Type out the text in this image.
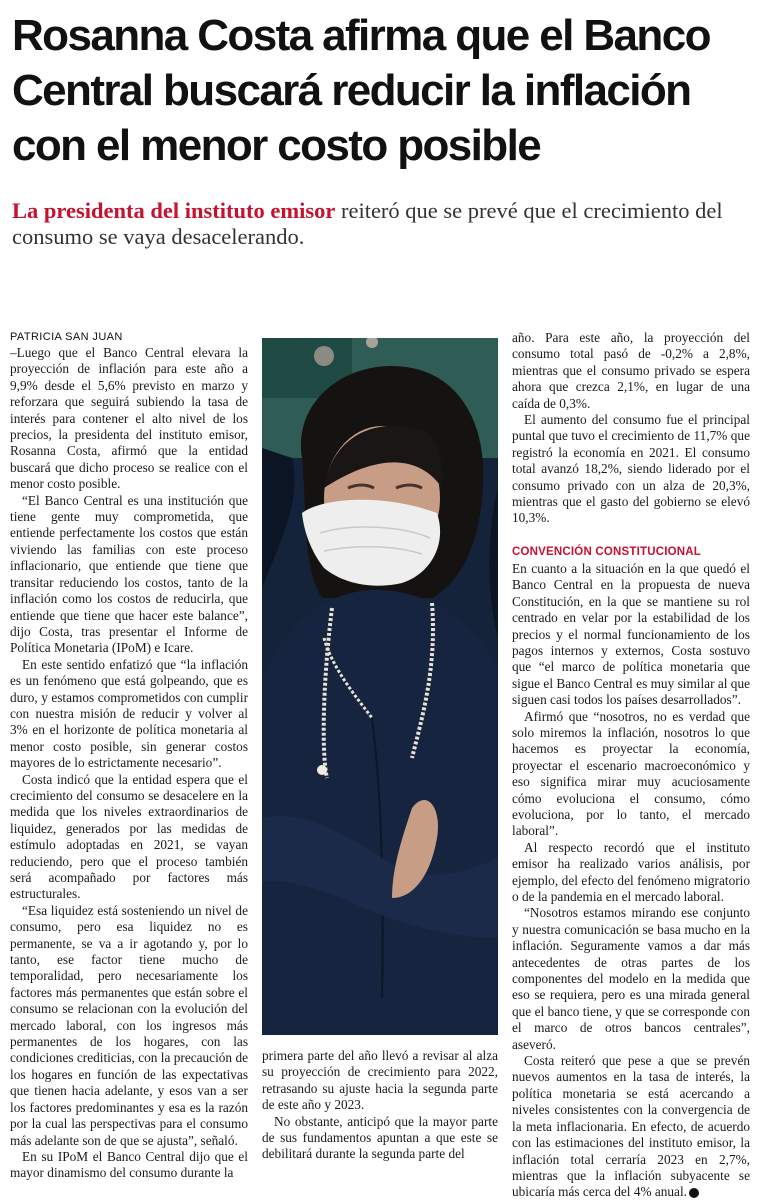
Rosanna Costa afirma que el Banco Central buscará reducir la inflación con el menor costo posible

La presidenta del instituto emisor reiteró que se prevé que el crecimiento del consumo se vaya desacelerando.

PATRICIA SAN JUAN

–Luego que el Banco Central elevara la proyección de inflación para este año a 9,9% desde el 5,6% previsto en marzo y reforzara que seguirá subiendo la tasa de interés para contener el alto nivel de los precios, la presidenta del instituto emisor, Rosanna Costa, afirmó que la entidad buscará que dicho proceso se realice con el menor costo posible.

“El Banco Central es una institución que tiene gente muy comprometida, que entiende perfectamente los costos que están viviendo las familias con este proceso inflacionario, que entiende que tiene que transitar reduciendo los costos, tanto de la inflación como los costos de reducirla, que entiende que tiene que hacer este balance”, dijo Costa, tras presentar el Informe de Política Monetaria (IPoM) e Icare.

En este sentido enfatizó que “la inflación es un fenómeno que está golpeando, que es duro, y estamos comprometidos con cumplir con nuestra misión de reducir y volver al 3% en el horizonte de política monetaria al menor costo posible, sin generar costos mayores de lo estrictamente necesario”.

Costa indicó que la entidad espera que el crecimiento del consumo se desacelere en la medida que los niveles extraordinarios de liquidez, generados por las medidas de estímulo adoptadas en 2021, se vayan reduciendo, pero que el proceso también será acompañado por factores más estructurales.

“Esa liquidez está sosteniendo un nivel de consumo, pero esa liquidez no es permanente, se va a ir agotando y, por lo tanto, ese factor tiene mucho de temporalidad, pero necesariamente los factores más permanentes que están sobre el consumo se relacionan con la evolución del mercado laboral, con los ingresos más permanentes de los hogares, con las condiciones crediticias, con la precaución de los hogares en función de las expectativas que tienen hacia adelante, y esos van a ser los factores predominantes y esa es la razón por la cual las perspectivas para el consumo más adelante son de que se ajusta”, señaló.

En su IPoM el Banco Central dijo que el mayor dinamismo del consumo durante la

primera parte del año llevó a revisar al alza su proyección de crecimiento para 2022, retrasando su ajuste hacia la segunda parte de este año y 2023.

No obstante, anticipó que la mayor parte de sus fundamentos apuntan a que este se debilitará durante la segunda parte del

año. Para este año, la proyección del consumo total pasó de -0,2% a 2,8%, mientras que el consumo privado se espera ahora que crezca 2,1%, en lugar de una caída de 0,3%.

El aumento del consumo fue el principal puntal que tuvo el crecimiento de 11,7% que registró la economía en 2021. El consumo total avanzó 18,2%, siendo liderado por el consumo privado con un alza de 20,3%, mientras que el gasto del gobierno se elevó 10,3%.

CONVENCIÓN CONSTITUCIONAL

En cuanto a la situación en la que quedó el Banco Central en la propuesta de nueva Constitución, en la que se mantiene su rol centrado en velar por la estabilidad de los precios y el normal funcionamiento de los pagos internos y externos, Costa sostuvo que “el marco de política monetaria que sigue el Banco Central es muy similar al que siguen casi todos los países desarrollados”.

Afirmó que “nosotros, no es verdad que solo miremos la inflación, nosotros lo que hacemos es proyectar la economía, proyectar el escenario macroeconómico y eso significa mirar muy acuciosamente cómo evoluciona el consumo, cómo evoluciona, por lo tanto, el mercado laboral”.

Al respecto recordó que el instituto emisor ha realizado varios análisis, por ejemplo, del efecto del fenómeno migratorio o de la pandemia en el mercado laboral.

“Nosotros estamos mirando ese conjunto y nuestra comunicación se basa mucho en la inflación. Seguramente vamos a dar más antecedentes de otras partes de los componentes del modelo en la medida que eso se requiera, pero es una mirada general que el banco tiene, y que se corresponde con el marco de otros bancos centrales”, aseveró.

Costa reiteró que pese a que se prevén nuevos aumentos en la tasa de interés, la política monetaria se está acercando a niveles consistentes con la convergencia de la meta inflacionaria. En efecto, de acuerdo con las estimaciones del instituto emisor, la inflación total cerraría 2023 en 2,7%, mientras que la inflación subyacente se ubicaría más cerca del 4% anual. P
